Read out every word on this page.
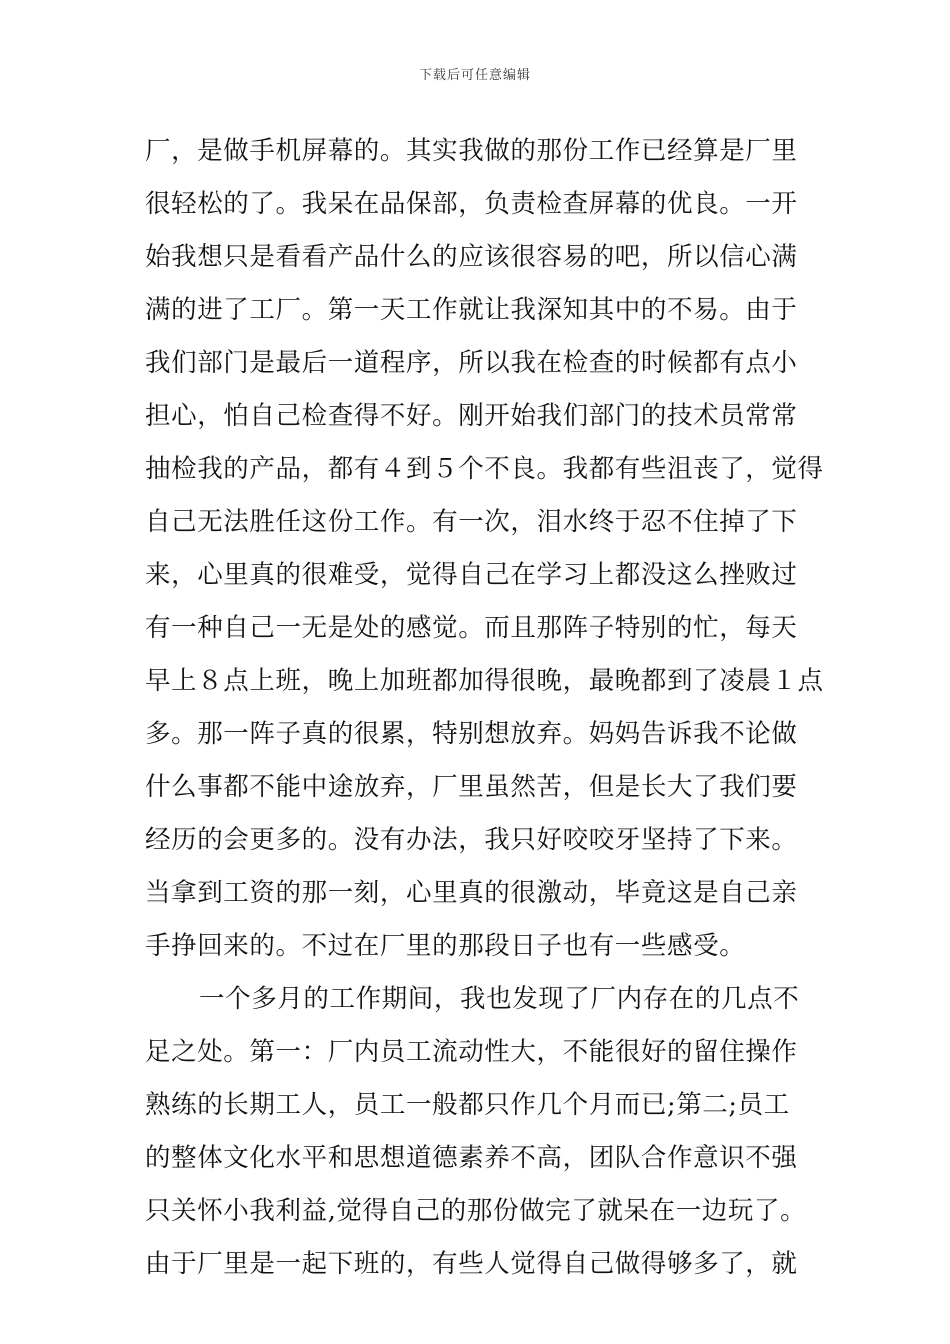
下载后可任意编辑
厂，是做手机屏幕的。其实我做的那份工作已经算是厂里
很轻松的了。我呆在品保部，负责检查屏幕的优良。一开
始我想只是看看产品什么的应该很容易的吧，所以信心满
满的进了工厂。第一天工作就让我深知其中的不易。由于
我们部门是最后一道程序，所以我在检查的时候都有点小
担心，怕自己检查得不好。刚开始我们部门的技术员常常
抽检我的产品，都有４到５个不良。我都有些沮丧了，觉得
自己无法胜任这份工作。有一次，泪水终于忍不住掉了下
来，心里真的很难受，觉得自己在学习上都没这么挫败过
有一种自己一无是处的感觉。而且那阵子特别的忙，每天
早上８点上班，晚上加班都加得很晚，最晚都到了凌晨１点
多。那一阵子真的很累，特别想放弃。妈妈告诉我不论做
什么事都不能中途放弃，厂里虽然苦，但是长大了我们要
经历的会更多的。没有办法，我只好咬咬牙坚持了下来。
当拿到工资的那一刻，心里真的很激动，毕竟这是自己亲
手挣回来的。不过在厂里的那段日子也有一些感受。
一个多月的工作期间，我也发现了厂内存在的几点不
足之处。第一：厂内员工流动性大，不能很好的留住操作
熟练的长期工人，员工一般都只作几个月而已;第二;员工
的整体文化水平和思想道德素养不高，团队合作意识不强
只关怀小我利益,觉得自己的那份做完了就呆在一边玩了。
由于厂里是一起下班的，有些人觉得自己做得够多了，就
